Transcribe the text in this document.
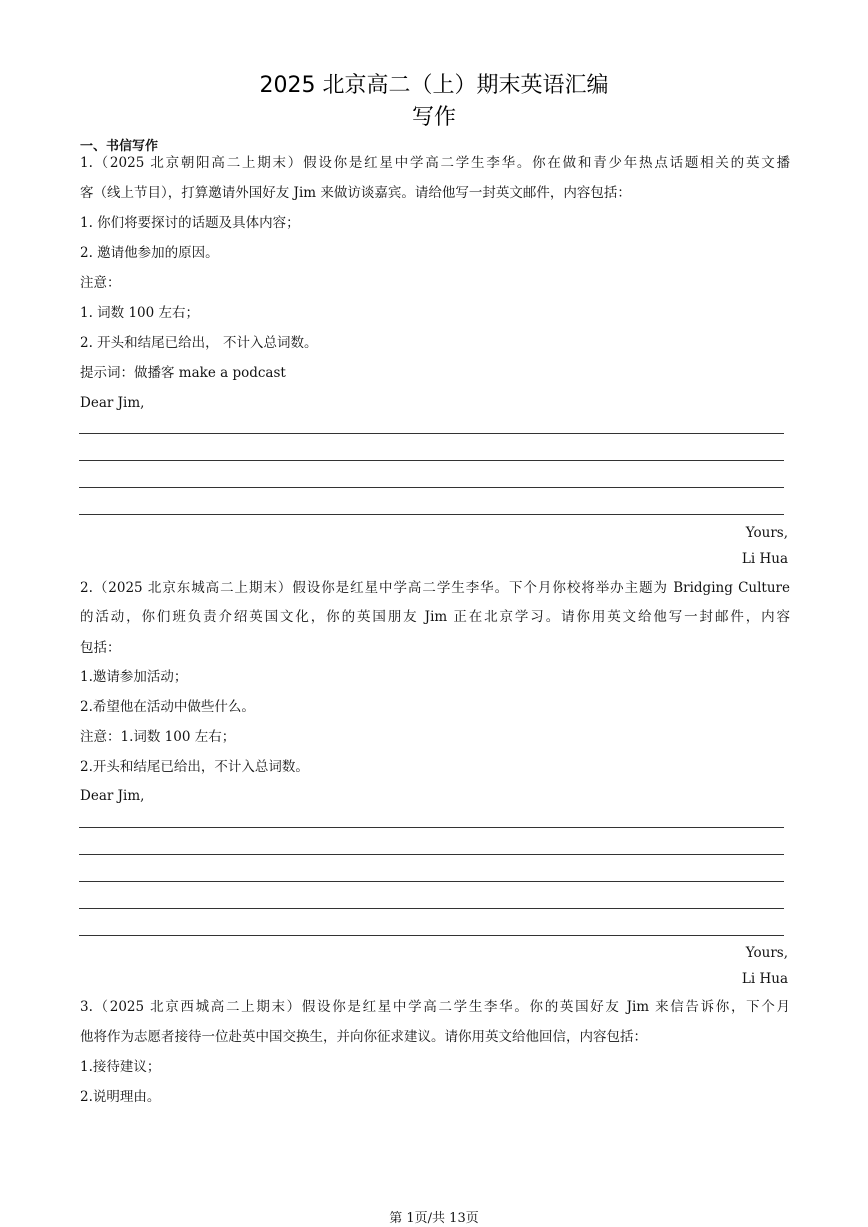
2025 北京高二（上）期末英语汇编
写作
一、书信写作
1.（2025 北京朝阳高二上期末）假设你是红星中学高二学生李华。你在做和青少年热点话题相关的英文播
客（线上节目），打算邀请外国好友 Jim 来做访谈嘉宾。请给他写一封英文邮件，内容包括：
1. 你们将要探讨的话题及具体内容；
2. 邀请他参加的原因。
注意：
1. 词数 100 左右；
2. 开头和结尾已给出， 不计入总词数。
提示词：做播客 make a podcast
Dear Jim,
Yours,
Li Hua
2.（2025 北京东城高二上期末）假设你是红星中学高二学生李华。下个月你校将举办主题为 Bridging Culture
的活动，你们班负责介绍英国文化，你的英国朋友 Jim 正在北京学习。请你用英文给他写一封邮件，内容
包括：
1.邀请参加活动；
2.希望他在活动中做些什么。
注意：1.词数 100 左右；
2.开头和结尾已给出，不计入总词数。
Dear Jim,
Yours,
Li Hua
3.（2025 北京西城高二上期末）假设你是红星中学高二学生李华。你的英国好友 Jim 来信告诉你，下个月
他将作为志愿者接待一位赴英中国交换生，并向你征求建议。请你用英文给他回信，内容包括：
1.接待建议；
2.说明理由。
第 1页/共 13页
